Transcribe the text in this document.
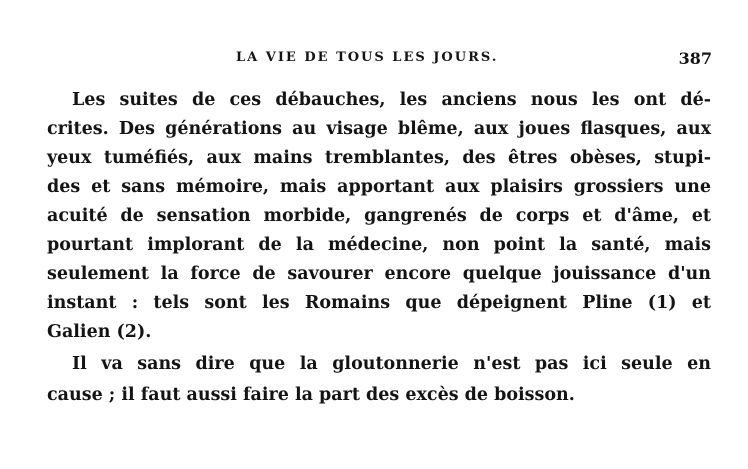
LA VIE DE TOUS LES JOURS.	387
Les suites de ces débauches, les anciens nous les ont dé-
crites. Des générations au visage blême, aux joues flasques, aux
yeux tuméfiés, aux mains tremblantes, des êtres obèses, stupi-
des et sans mémoire, mais apportant aux plaisirs grossiers une
acuité de sensation morbide, gangrenés de corps et d'âme, et
pourtant implorant de la médecine, non point la santé, mais
seulement la force de savourer encore quelque jouissance d'un
instant : tels sont les Romains que dépeignent Pline (1) et
Galien (2).
Il va sans dire que la gloutonnerie n'est pas ici seule en
cause ; il faut aussi faire la part des excès de boisson.
